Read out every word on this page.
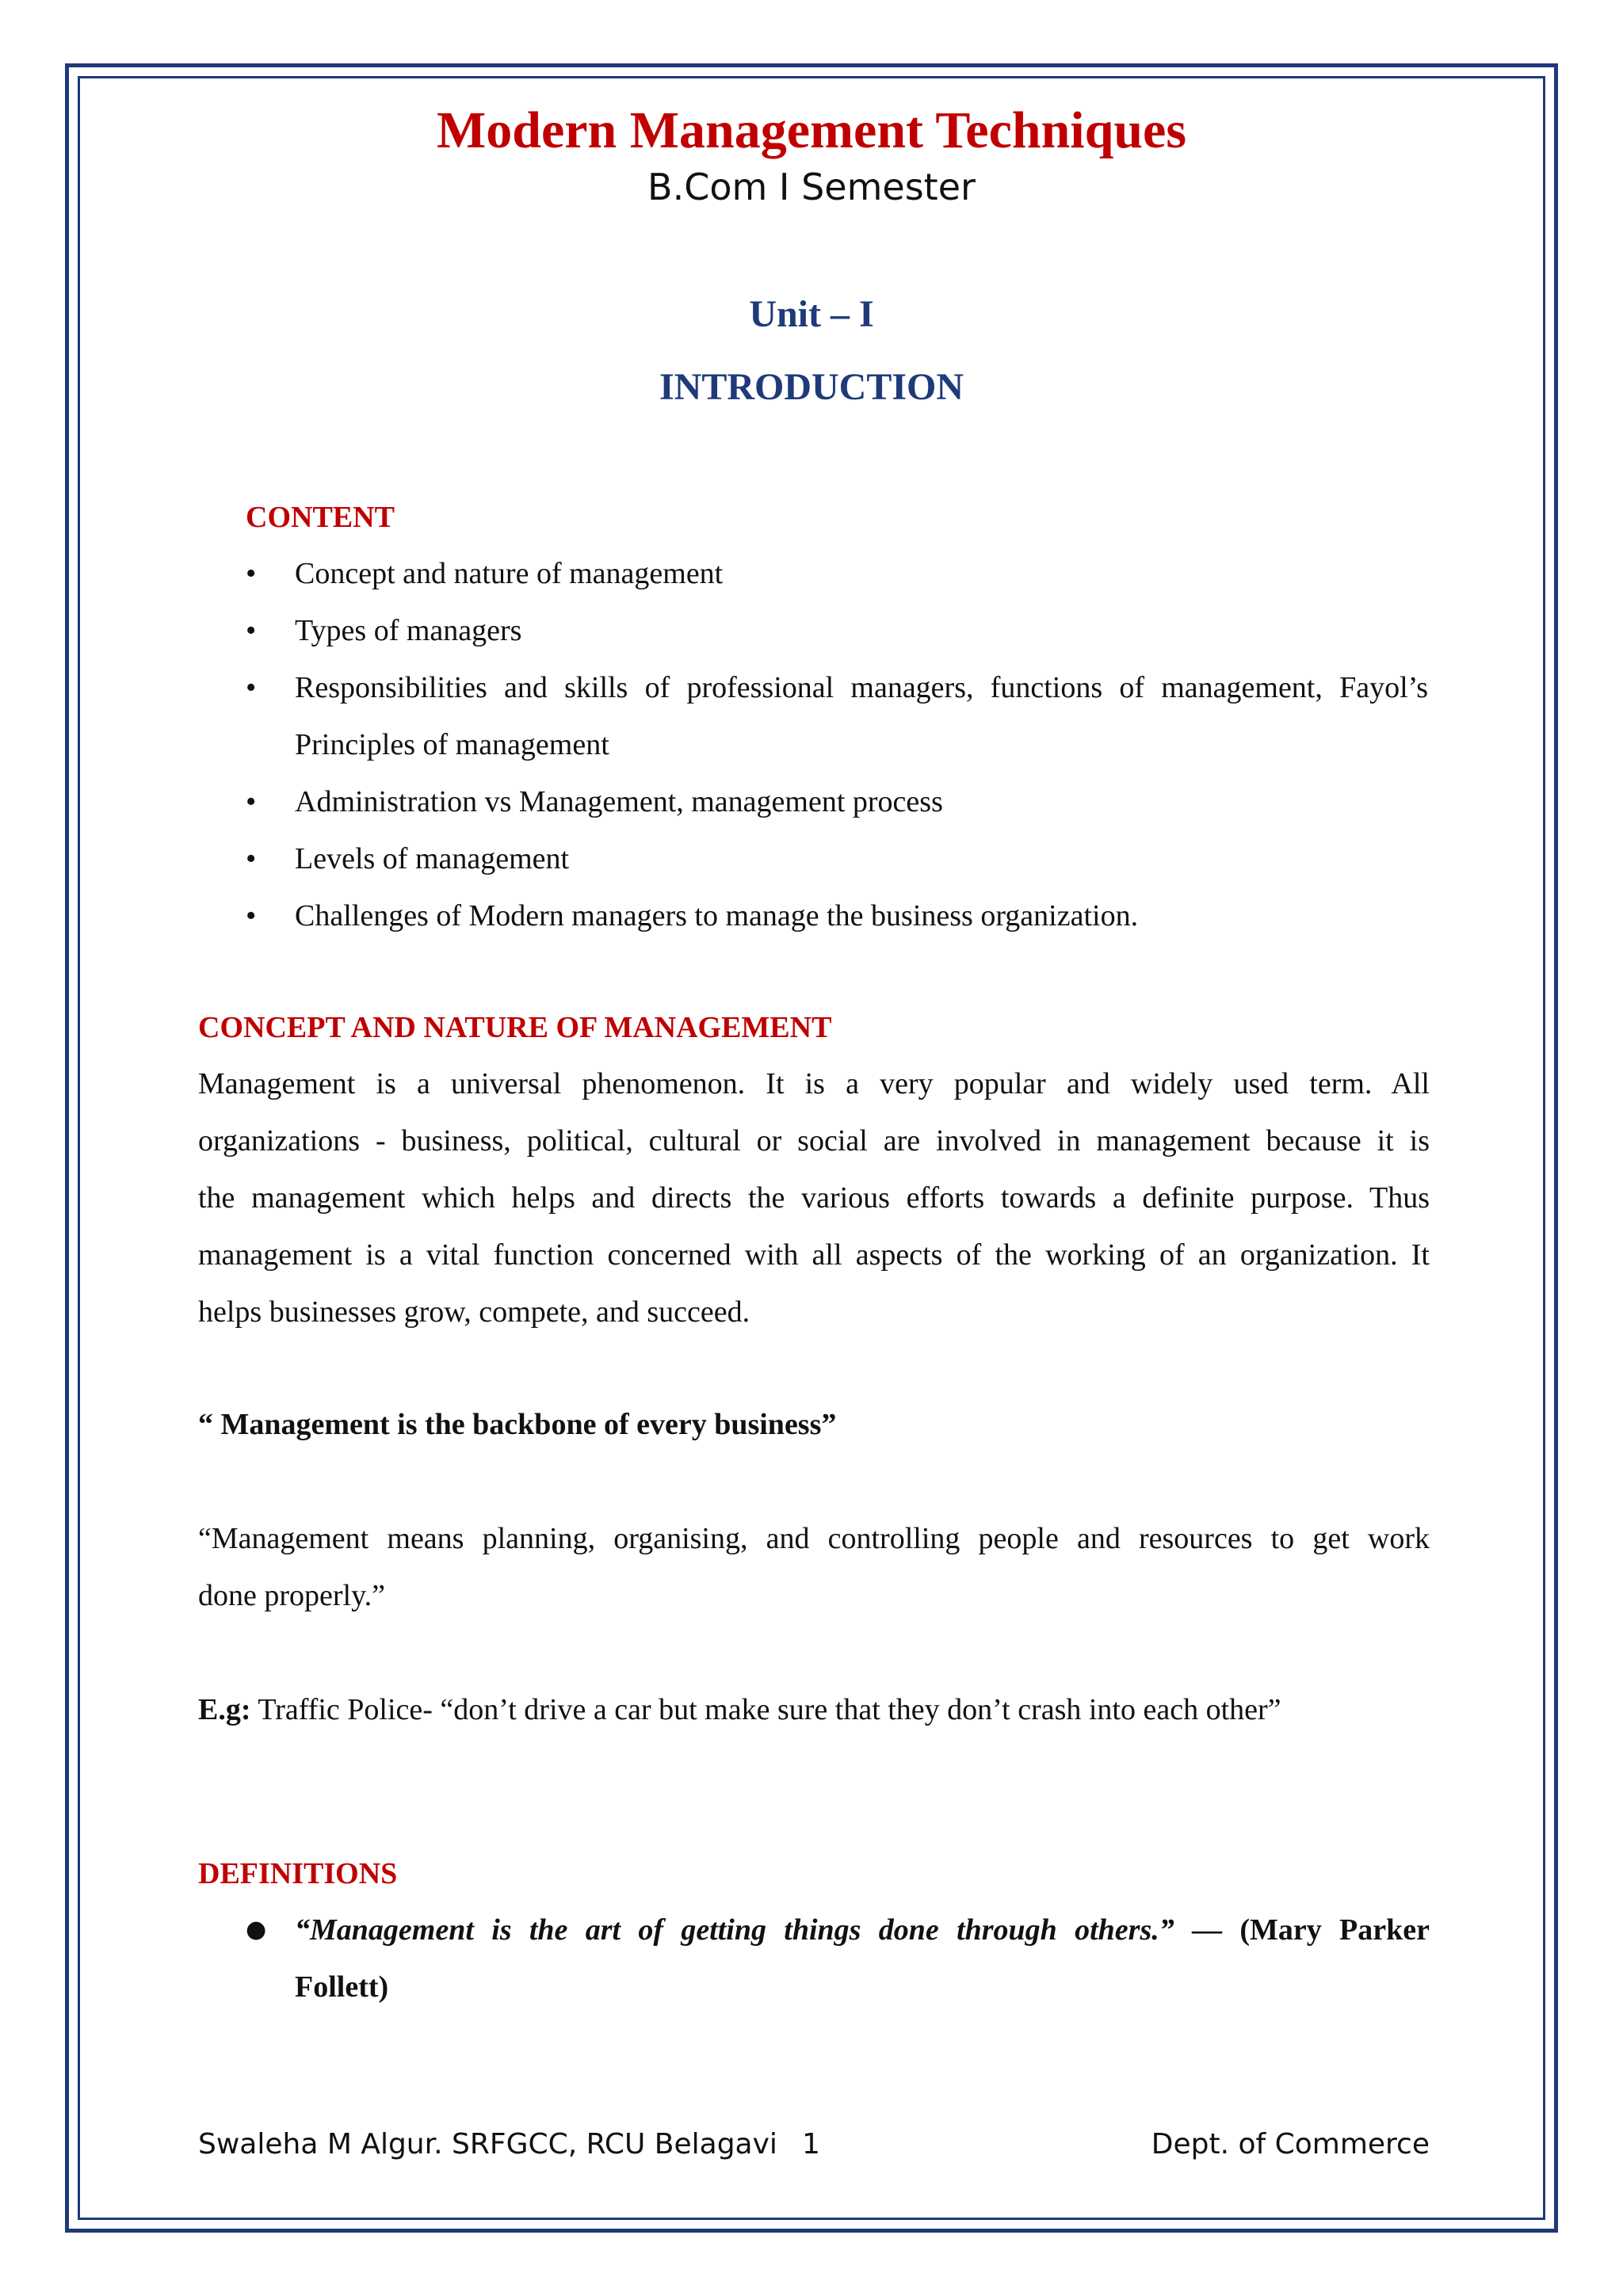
Modern Management Techniques
B.Com I Semester
Unit – I
INTRODUCTION
CONTENT
• Concept and nature of management
• Types of managers
• Responsibilities and skills of professional managers, functions of management, Fayol’s
Principles of management
• Administration vs Management, management process
• Levels of management
• Challenges of Modern managers to manage the business organization.
CONCEPT AND NATURE OF MANAGEMENT
Management is a universal phenomenon. It is a very popular and widely used term. All
organizations - business, political, cultural or social are involved in management because it is
the management which helps and directs the various efforts towards a definite purpose. Thus
management is a vital function concerned with all aspects of the working of an organization. It
helps businesses grow, compete, and succeed.
“ Management is the backbone of every business”
“Management means planning, organising, and controlling people and resources to get work
done properly.”
E.g: Traffic Police- “don’t drive a car but make sure that they don’t crash into each other”
DEFINITIONS
● “Management is the art of getting things done through others.” — (Mary Parker
Follett)
Swaleha M Algur. SRFGCC, RCU Belagavi 1	Dept. of Commerce
